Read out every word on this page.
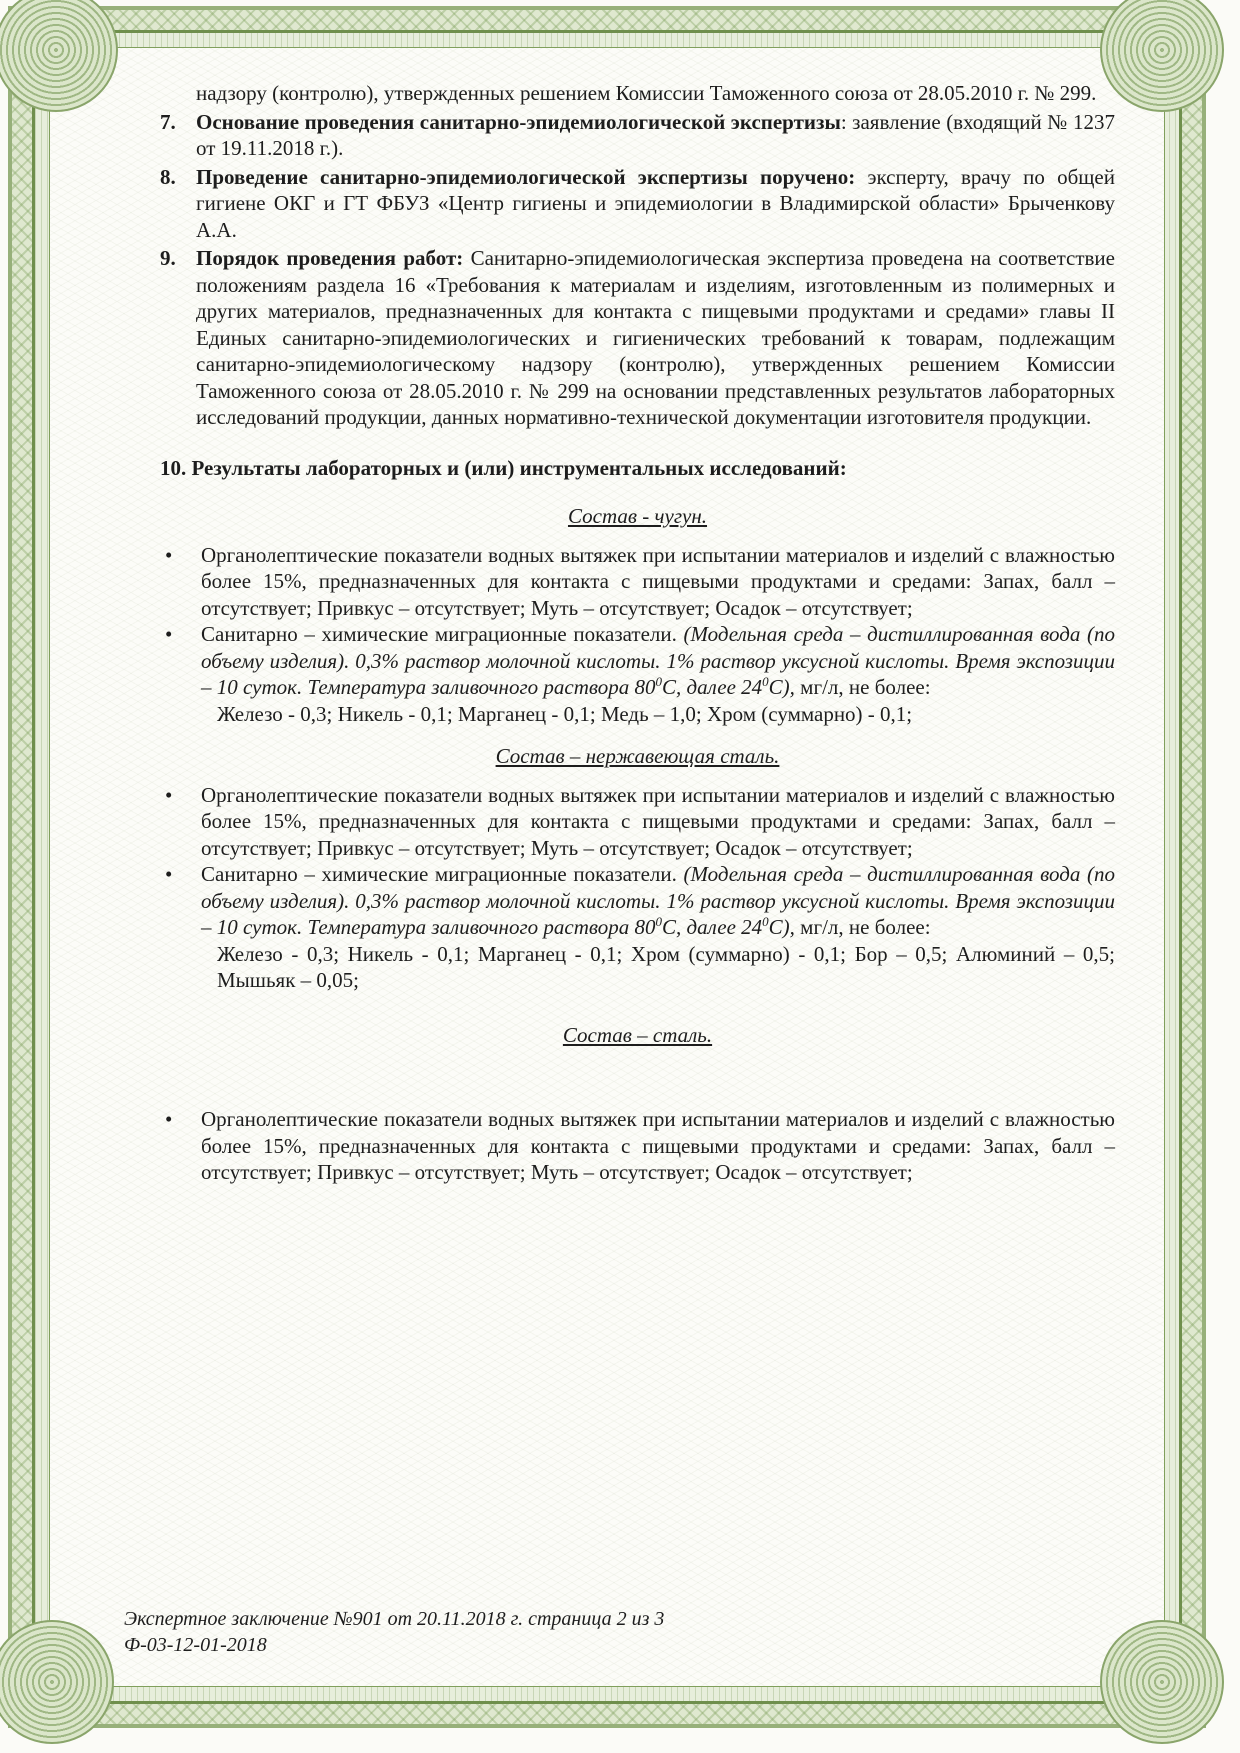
надзору (контролю), утвержденных решением Комиссии Таможенного союза от 28.05.2010 г. № 299.
7. Основание проведения санитарно-эпидемиологической экспертизы: заявление (входящий № 1237 от 19.11.2018 г.).
8. Проведение санитарно-эпидемиологической экспертизы поручено: эксперту, врачу по общей гигиене ОКГ и ГТ ФБУЗ «Центр гигиены и эпидемиологии в Владимирской области» Брыченкову А.А.
9. Порядок проведения работ: Санитарно-эпидемиологическая экспертиза проведена на соответствие положениям раздела 16 «Требования к материалам и изделиям, изготовленным из полимерных и других материалов, предназначенных для контакта с пищевыми продуктами и средами» главы II Единых санитарно-эпидемиологических и гигиенических требований к товарам, подлежащим санитарно-эпидемиологическому надзору (контролю), утвержденных решением Комиссии Таможенного союза от 28.05.2010 г. № 299 на основании представленных результатов лабораторных исследований продукции, данных нормативно-технической документации изготовителя продукции.
10. Результаты лабораторных и (или) инструментальных исследований:
Состав - чугун.
• Органолептические показатели водных вытяжек при испытании материалов и изделий с влажностью более 15%, предназначенных для контакта с пищевыми продуктами и средами: Запах, балл – отсутствует; Привкус – отсутствует; Муть – отсутствует; Осадок – отсутствует;
• Санитарно – химические миграционные показатели. (Модельная среда – дистиллированная вода (по объему изделия). 0,3% раствор молочной кислоты. 1% раствор уксусной кислоты. Время экспозиции – 10 суток. Температура заливочного раствора $80^0С$, далее $24^0С$), мг/л, не более:
Железо - 0,3; Никель - 0,1; Марганец - 0,1; Медь – 1,0; Хром (суммарно) - 0,1;
Состав – нержавеющая сталь.
• Органолептические показатели водных вытяжек при испытании материалов и изделий с влажностью более 15%, предназначенных для контакта с пищевыми продуктами и средами: Запах, балл – отсутствует; Привкус – отсутствует; Муть – отсутствует; Осадок – отсутствует;
• Санитарно – химические миграционные показатели. (Модельная среда – дистиллированная вода (по объему изделия). 0,3% раствор молочной кислоты. 1% раствор уксусной кислоты. Время экспозиции – 10 суток. Температура заливочного раствора $80^0С$, далее $24^0С$), мг/л, не более:
Железо - 0,3; Никель - 0,1; Марганец - 0,1; Хром (суммарно) - 0,1; Бор – 0,5; Алюминий – 0,5; Мышьяк – 0,05;
Состав – сталь.
• Органолептические показатели водных вытяжек при испытании материалов и изделий с влажностью более 15%, предназначенных для контакта с пищевыми продуктами и средами: Запах, балл – отсутствует; Привкус – отсутствует; Муть – отсутствует; Осадок – отсутствует;
Экспертное заключение №901 от 20.11.2018 г. страница 2 из 3
Ф-03-12-01-2018
